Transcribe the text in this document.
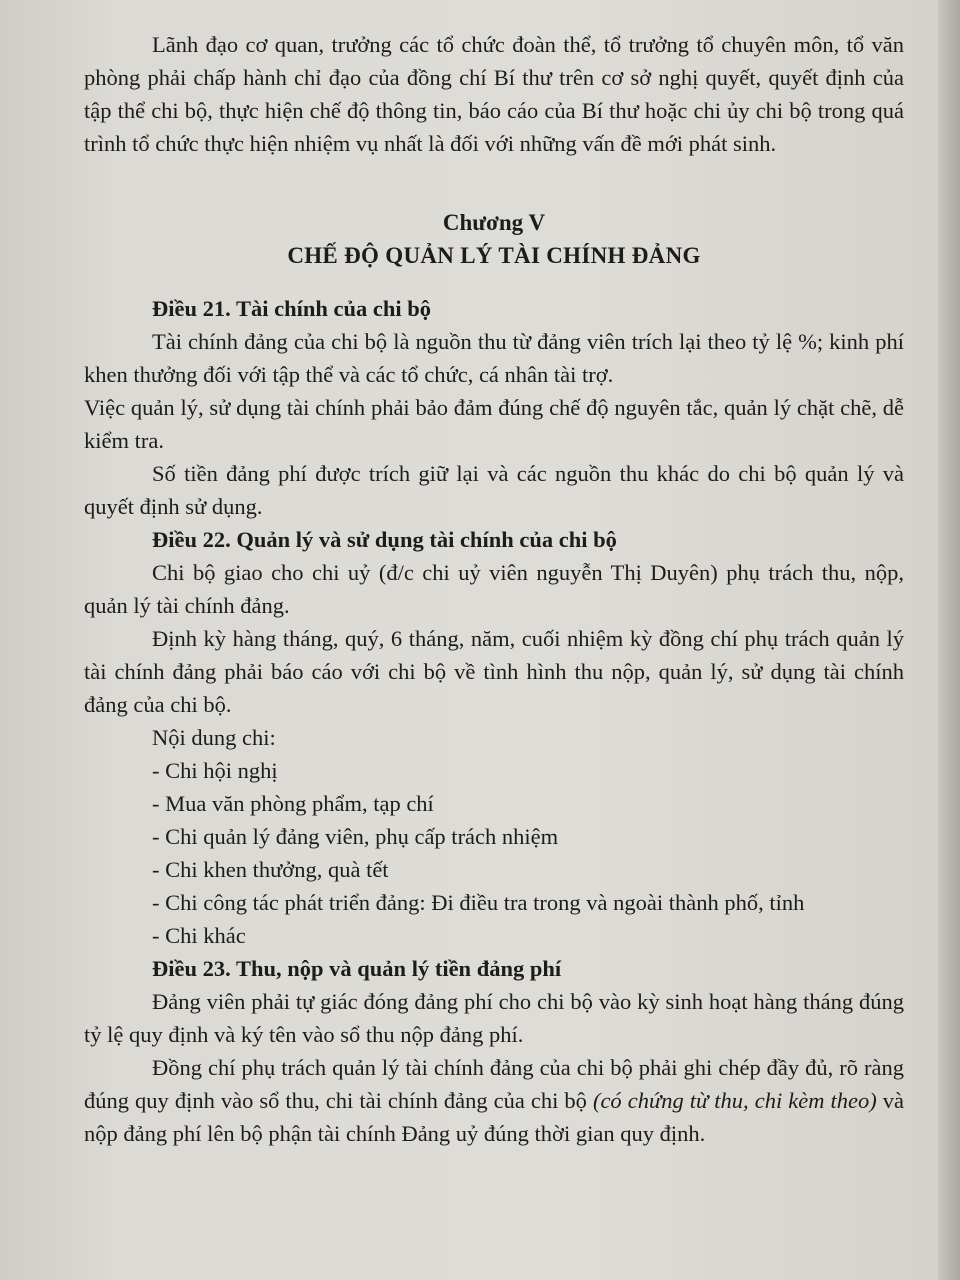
Lãnh đạo cơ quan, trưởng các tổ chức đoàn thể, tổ trưởng tổ chuyên môn, tổ văn phòng phải chấp hành chỉ đạo của đồng chí Bí thư trên cơ sở nghị quyết, quyết định của tập thể chi bộ, thực hiện chế độ thông tin, báo cáo của Bí thư hoặc chi ủy chi bộ trong quá trình tổ chức thực hiện nhiệm vụ nhất là đối với những vấn đề mới phát sinh.

Chương V

CHẾ ĐỘ QUẢN LÝ TÀI CHÍNH ĐẢNG

Điều 21. Tài chính của chi bộ

Tài chính đảng của chi bộ là nguồn thu từ đảng viên trích lại theo tỷ lệ %; kinh phí khen thưởng đối với tập thể và các tổ chức, cá nhân tài trợ.

Việc quản lý, sử dụng tài chính phải bảo đảm đúng chế độ nguyên tắc, quản lý chặt chẽ, dễ kiểm tra.

Số tiền đảng phí được trích giữ lại và các nguồn thu khác do chi bộ quản lý và quyết định sử dụng.

Điều 22. Quản lý và sử dụng tài chính của chi bộ

Chi bộ giao cho chi uỷ (đ/c chi uỷ viên nguyễn Thị Duyên) phụ trách thu, nộp, quản lý tài chính đảng.

Định kỳ hàng tháng, quý, 6 tháng, năm, cuối nhiệm kỳ đồng chí phụ trách quản lý tài chính đảng phải báo cáo với chi bộ về tình hình thu nộp, quản lý, sử dụng tài chính đảng của chi bộ.

Nội dung chi:

- Chi hội nghị

- Mua văn phòng phẩm, tạp chí

- Chi quản lý đảng viên, phụ cấp trách nhiệm

- Chi khen thưởng, quà tết

- Chi công tác phát triển đảng: Đi điều tra trong và ngoài thành phố, tỉnh

- Chi khác

Điều 23. Thu, nộp và quản lý tiền đảng phí

Đảng viên phải tự giác đóng đảng phí cho chi bộ vào kỳ sinh hoạt hàng tháng đúng tỷ lệ quy định và ký tên vào sổ thu nộp đảng phí.

Đồng chí phụ trách quản lý tài chính đảng của chi bộ phải ghi chép đầy đủ, rõ ràng đúng quy định vào sổ thu, chi tài chính đảng của chi bộ (có chứng từ thu, chi kèm theo) và nộp đảng phí lên bộ phận tài chính Đảng uỷ đúng thời gian quy định.
